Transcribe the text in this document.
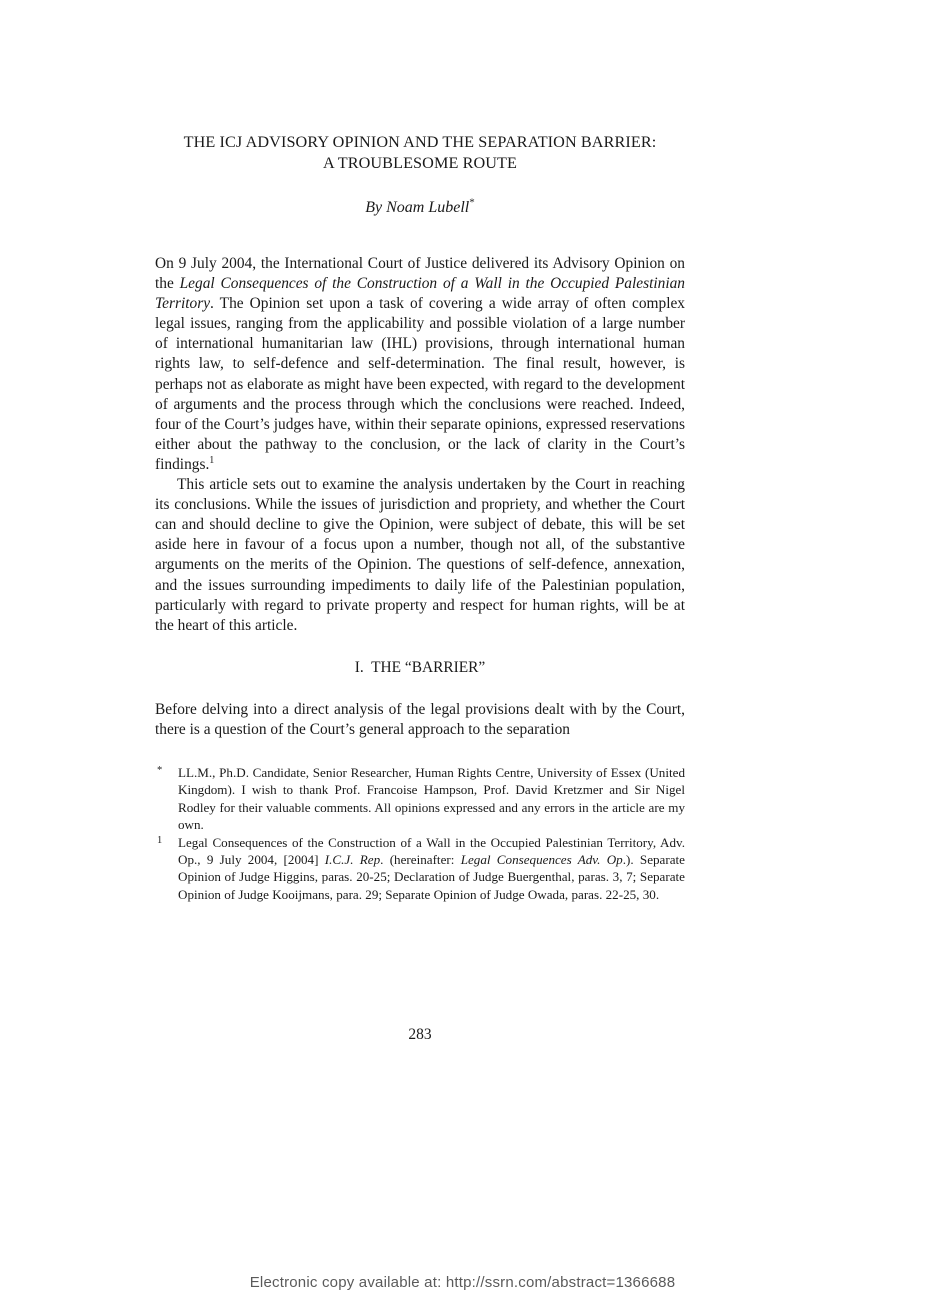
THE ICJ ADVISORY OPINION AND THE SEPARATION BARRIER:
A TROUBLESOME ROUTE
By Noam Lubell*

On 9 July 2004, the International Court of Justice delivered its Advisory Opinion on the Legal Consequences of the Construction of a Wall in the Occupied Palestinian Territory. The Opinion set upon a task of covering a wide array of often complex legal issues, ranging from the applicability and possible violation of a large number of international humanitarian law (IHL) provisions, through international human rights law, to self-defence and self-determination. The final result, however, is perhaps not as elaborate as might have been expected, with regard to the development of arguments and the process through which the conclusions were reached. Indeed, four of the Court’s judges have, within their separate opinions, expressed reservations either about the pathway to the conclusion, or the lack of clarity in the Court’s findings.$^1$

This article sets out to examine the analysis undertaken by the Court in reaching its conclusions. While the issues of jurisdiction and propriety, and whether the Court can and should decline to give the Opinion, were subject of debate, this will be set aside here in favour of a focus upon a number, though not all, of the substantive arguments on the merits of the Opinion. The questions of self-defence, annexation, and the issues surrounding impediments to daily life of the Palestinian population, particularly with regard to private property and respect for human rights, will be at the heart of this article.

I.  THE “BARRIER”

Before delving into a direct analysis of the legal provisions dealt with by the Court, there is a question of the Court’s general approach to the separation

* LL.M., Ph.D. Candidate, Senior Researcher, Human Rights Centre, University of Essex (United Kingdom). I wish to thank Prof. Francoise Hampson, Prof. David Kretzmer and Sir Nigel Rodley for their valuable comments. All opinions expressed and any errors in the article are my own.
1 Legal Consequences of the Construction of a Wall in the Occupied Palestinian Territory, Adv. Op., 9 July 2004, [2004] I.C.J. Rep. (hereinafter: Legal Consequences Adv. Op.). Separate Opinion of Judge Higgins, paras. 20-25; Declaration of Judge Buergenthal, paras. 3, 7; Separate Opinion of Judge Kooijmans, para. 29; Separate Opinion of Judge Owada, paras. 22-25, 30.
283
Electronic copy available at: http://ssrn.com/abstract=1366688
